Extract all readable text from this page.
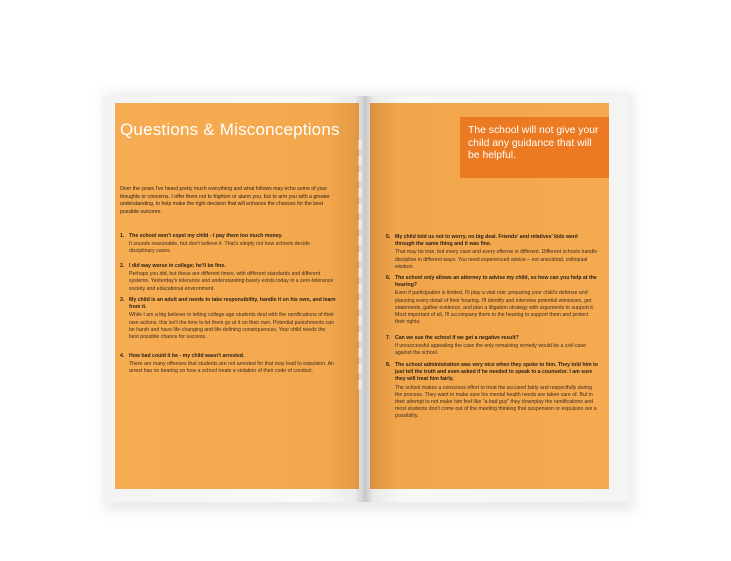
Questions & Misconceptions
Over the years I've heard pretty much everything and what follows may echo some of your thoughts or concerns. I offer them not to frighten or alarm you, but to arm you with a greater understanding, to help make the right decision that will enhance the chances for the best possible outcome.
1. The school won't expel my child - I pay them too much money.
It sounds reasonable, but don't believe it. That's simply not how schools decide disciplinary cases.
2. I did way worse in college; he'll be fine.
Perhaps you did, but these are different times, with different standards and different systems. Yesterday's tolerance and understanding barely exists today in a zero-tolerance society and educational environment.
3. My child is an adult and needs to take responsibility, handle it on his own, and learn from it.
While I am a big believer in letting college age students deal with the ramifications of their own actions, this isn't the time to let them go at it on their own. Potential punishments can be harsh and have life-changing and life-defining consequences. Your child needs the best possible chance for success.
4. How bad could it be - my child wasn't arrested.
There are many offenses that students are not arrested for that may lead to expulsion. An arrest has no bearing on how a school treats a violation of their code of conduct.
The school will not give your child any guidance that will be helpful.
5. My child told us not to worry, no big deal. Friends' and relatives' kids went through the same thing and it was fine.
That may be true, but every case and every offense is different. Different schools handle discipline in different ways. You need experienced advice – not anecdotal, colloquial wisdom.
6. The school only allows an attorney to advise my child, so how can you help at the hearing?
Even if participation is limited, I'll play a vital role: preparing your child's defense and planning every detail of their hearing. I'll identify and interview potential witnesses, get statements, gather evidence, and plan a litigation strategy with arguments to support it. Most important of all, I'll accompany them to the hearing to support them and protect their rights.
7. Can we sue the school if we get a negative result?
If unsuccessful appealing the case the only remaining remedy would be a civil case against the school.
8. The school administration was very nice when they spoke to him. They told him to just tell the truth and even asked if he needed to speak to a counselor. I am sure they will treat him fairly.
The school makes a conscious effort to treat the accused fairly and respectfully during the process. They want to make sure his mental health needs are taken care of. But in their attempt to not make him feel like "a bad guy" they downplay the ramifications and most students don't come out of the meeting thinking that suspension or expulsion are a possibility.
